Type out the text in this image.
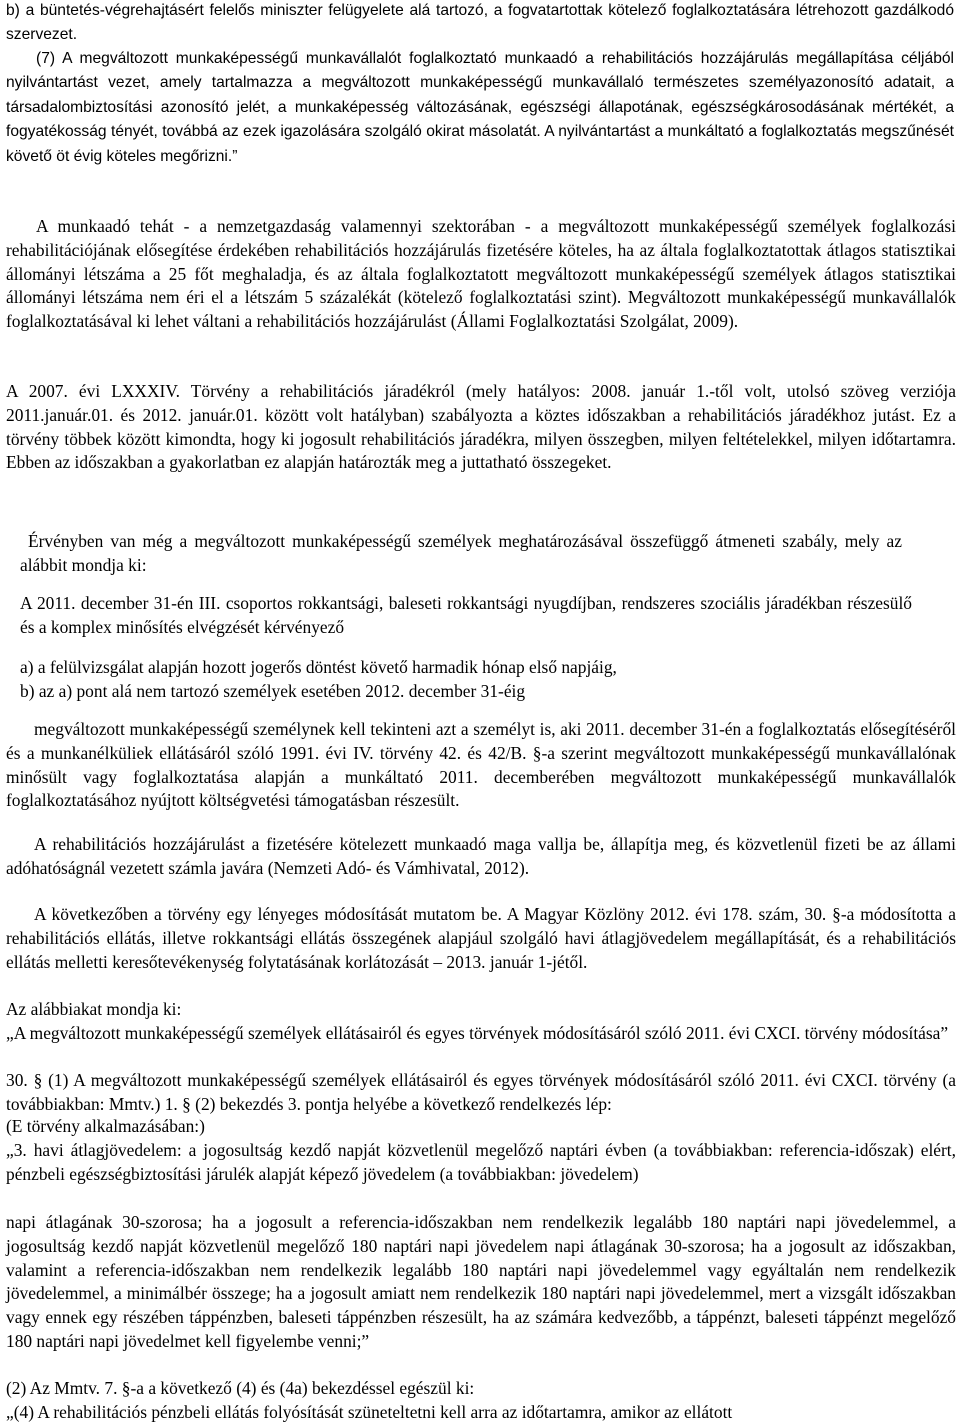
b) a büntetés-végrehajtásért felelős miniszter felügyelete alá tartozó, a fogvatartottak kötelező foglalkoztatására létrehozott gazdálkodó szervezet.

(7) A megváltozott munkaképességű munkavállalót foglalkoztató munkaadó a rehabilitációs hozzájárulás megállapítása céljából nyilvántartást vezet, amely tartalmazza a megváltozott munkaképességű munkavállaló természetes személyazonosító adatait, a társadalombiztosítási azonosító jelét, a munkaképesség változásának, egészségi állapotának, egészségkárosodásának mértékét, a fogyatékosság tényét, továbbá az ezek igazolására szolgáló okirat másolatát. A nyilvántartást a munkáltató a foglalkoztatás megszűnését követő öt évig köteles megőrizni.”

A munkaadó tehát - a nemzetgazdaság valamennyi szektorában - a megváltozott munkaképességű személyek foglalkozási rehabilitációjának elősegítése érdekében rehabilitációs hozzájárulás fizetésére köteles, ha az általa foglalkoztatottak átlagos statisztikai állományi létszáma a 25 főt meghaladja, és az általa foglalkoztatott megváltozott munkaképességű személyek átlagos statisztikai állományi létszáma nem éri el a létszám 5 százalékát (kötelező foglalkoztatási szint). Megváltozott munkaképességű munkavállalók foglalkoztatásával ki lehet váltani a rehabilitációs hozzájárulást (Állami Foglalkoztatási Szolgálat, 2009).

A 2007. évi LXXXIV. Törvény a rehabilitációs járadékról (mely hatályos: 2008. január 1.-től volt, utolsó szöveg verziója 2011.január.01. és 2012. január.01. között volt hatályban) szabályozta a köztes időszakban a rehabilitációs járadékhoz jutást. Ez a törvény többek között kimondta, hogy ki jogosult rehabilitációs járadékra, milyen összegben, milyen feltételekkel, milyen időtartamra. Ebben az időszakban a gyakorlatban ez alapján határozták meg a juttatható összegeket.

Érvényben van még a megváltozott munkaképességű személyek meghatározásával összefüggő átmeneti szabály, mely az alábbit mondja ki:

A 2011. december 31-én III. csoportos rokkantsági, baleseti rokkantsági nyugdíjban, rendszeres szociális járadékban részesülő és a komplex minősítés elvégzését kérvényező

a) a felülvizsgálat alapján hozott jogerős döntést követő harmadik hónap első napjáig,

b) az a) pont alá nem tartozó személyek esetében 2012. december 31-éig

megváltozott munkaképességű személynek kell tekinteni azt a személyt is, aki 2011. december 31-én a foglalkoztatás elősegítéséről és a munkanélküliek ellátásáról szóló 1991. évi IV. törvény 42. és 42/B. §-a szerint megváltozott munkaképességű munkavállalónak minősült vagy foglalkoztatása alapján a munkáltató 2011. decemberében megváltozott munkaképességű munkavállalók foglalkoztatásához nyújtott költségvetési támogatásban részesült.

A rehabilitációs hozzájárulást a fizetésére kötelezett munkaadó maga vallja be, állapítja meg, és közvetlenül fizeti be az állami adóhatóságnál vezetett számla javára (Nemzeti Adó- és Vámhivatal, 2012).

A következőben a törvény egy lényeges módosítását mutatom be. A Magyar Közlöny 2012. évi 178. szám, 30. §-a módosította a rehabilitációs ellátás, illetve rokkantsági ellátás összegének alapjául szolgáló havi átlagjövedelem megállapítását, és a rehabilitációs ellátás melletti keresőtevékenység folytatásának korlátozását – 2013. január 1-jétől.

Az alábbiakat mondja ki:

„A megváltozott munkaképességű személyek ellátásairól és egyes törvények módosításáról szóló 2011. évi CXCI. törvény módosítása”

30. § (1) A megváltozott munkaképességű személyek ellátásairól és egyes törvények módosításáról szóló 2011. évi CXCI. törvény (a továbbiakban: Mmtv.) 1. § (2) bekezdés 3. pontja helyébe a következő rendelkezés lép:

(E törvény alkalmazásában:)

„3. havi átlagjövedelem: a jogosultság kezdő napját közvetlenül megelőző naptári évben (a továbbiakban: referencia-időszak) elért, pénzbeli egészségbiztosítási járulék alapját képező jövedelem (a továbbiakban: jövedelem)

napi átlagának 30-szorosa; ha a jogosult a referencia-időszakban nem rendelkezik legalább 180 naptári napi jövedelemmel, a jogosultság kezdő napját közvetlenül megelőző 180 naptári napi jövedelem napi átlagának 30-szorosa; ha a jogosult az időszakban, valamint a referencia-időszakban nem rendelkezik legalább 180 naptári napi jövedelemmel vagy egyáltalán nem rendelkezik jövedelemmel, a minimálbér összege; ha a jogosult amiatt nem rendelkezik 180 naptári napi jövedelemmel, mert a vizsgált időszakban vagy ennek egy részében táppénzben, baleseti táppénzben részesült, ha az számára kedvezőbb, a táppénzt, baleseti táppénzt megelőző 180 naptári napi jövedelmet kell figyelembe venni;”

(2) Az Mmtv. 7. §-a a következő (4) és (4a) bekezdéssel egészül ki:

„(4) A rehabilitációs pénzbeli ellátás folyósítását szüneteltetni kell arra az időtartamra, amikor az ellátott
